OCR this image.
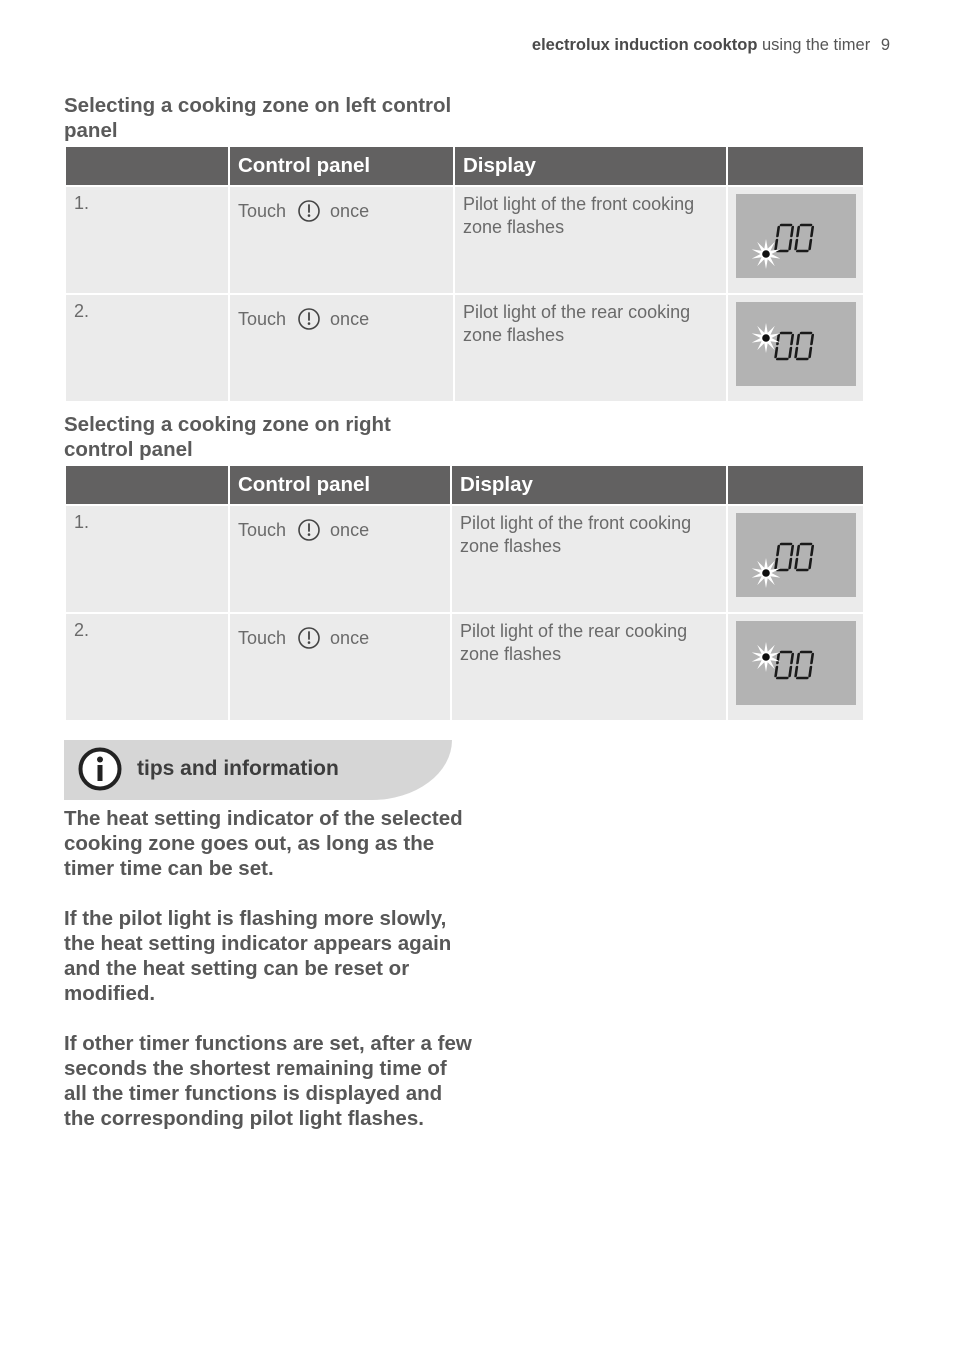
electrolux induction cooktop using the timer 9
Selecting a cooking zone on left control panel
	Control panel	Display	
1.	Touch once	Pilot light of the front cooking zone flashes	

2.	Touch once	Pilot light of the rear cooking zone flashes	
Selecting a cooking zone on right control panel
	Control panel	Display	
1.	Touch once	Pilot light of the front cooking zone flashes	

2.	Touch once	Pilot light of the rear cooking zone flashes	
tips and information

The heat setting indicator of the selected cooking zone goes out, as long as the timer time can be set.

If the pilot light is flashing more slowly, the heat setting indicator appears again and the heat setting can be reset or modified.

If other timer functions are set, after a few seconds the shortest remaining time of all the timer functions is displayed and the corresponding pilot light flashes.
